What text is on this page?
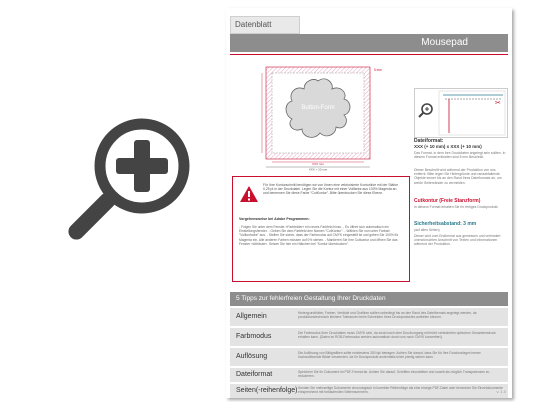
Datenblatt
Mousepad
Button-Form
5 mm
XXX mm
XXX + 10 mm
✂
Dateiformat:
XXX (+ 10 mm) x XXX (+ 10 mm)
Das Format, in dem Ihre Druckdaten angelegt sein sollten. In diesem Format enthalten sind 5 mm Beschnitt.
Dieser Beschnitt wird während der Produktion von uns entfernt. Bitte legen Sie Hintergründe und randabfallende Objekte immer bis an den Rand Ihres Dateiformats an, um weiße Seitenränder zu vermeiden.
Cutkontur (Freie Stanzform)
In diesem Format erhalten Sie Ihr fertiges Druckprodukt.
Sicherheitsabstand: 3 mm
(auf allen Seiten)
Dieser wird vom Endformat aus gemessen und verhindert unerwünschten Anschnitt von Texten und Informationen während der Produktion.
Für Ihre Konturschnitt benötigen wir von Ihnen eine vektorisierte Konturlinie mit der Stärke 0,25 pt in der Druckdatei. Legen Sie die Kontur mit einer Vollfarbe aus 100% Magenta an und benennen Sie diese Farbe "CutKontur". Bitte überdrucken Sie diese Ebene.
Vorgehensweise bei Adobe Programmen:
- Folgen Sie unter dem Fenster »Farbfelder« ein neues Farbfeld hinzu. - Es öffnet sich automatisch ein Einstellungsfenster. - Geben Sie dem Farbfeld den Namen "CutKontur". - Wählen Sie nun unter Farbart "Volltonfarbe" aus. - Stellen Sie sicher, dass der Farbmodus auf CMYK eingestellt ist und geben Sie 100% für Magenta ein. Alle anderen Farben müssen auf 0% stehen. - Markieren Sie Ihre Cutkontur und öffnen Sie das Fenster »Attribute«. Setzen Sie hier ein Häkchen bei "Kontur überdrucken".
5 Tipps zur fehlerfreien Gestaltung Ihrer Druckdaten
Allgemein	Hintergrundbilder, Farben, Verläufe und Grafiken sollten unbedingt bis an den Rand des Dateiformats angelegt werden, da produktionstechnisch kleinere Toleranzen beim Schneiden Ihres Druckproduktes auftreten können.
Farbmodus	Die Farbmodus Ihrer Druckdaten muss CMYK sein, da sonst nach dem Druckvorgang mit leicht veränderten optischen Gesamteindruck erhalten kann. (Daten im RGB-Farbmodus werden automatisch durch uns nach CMYK konvertiert).
Auflösung	Die Auflösung von Bildgrafiken sollte mindestens 300 dpi betragen. Achten Sie darauf, dass Sie für Ihre Druckvorlagen immer hochauflösende Bilder verwenden, da Ihr Druckprodukt andernfalls leicht pixelig wirken kann.
Dateiformat	Speichern Sie Ihr Dokument im PDF-Format ab. Achten Sie darauf, Schriften einzubetten und soweit als möglich Transparenzen zu reduzieren.
Seiten(-reihenfolge) Senden Sie mehrseitige Dokumente chronologisch in korrekter Reihenfolge als eine einzige PDF-Datei oder benennen Sie Einzeldokumente entsprechend mit fortlaufenden Seitennummern.	v. 1.0
